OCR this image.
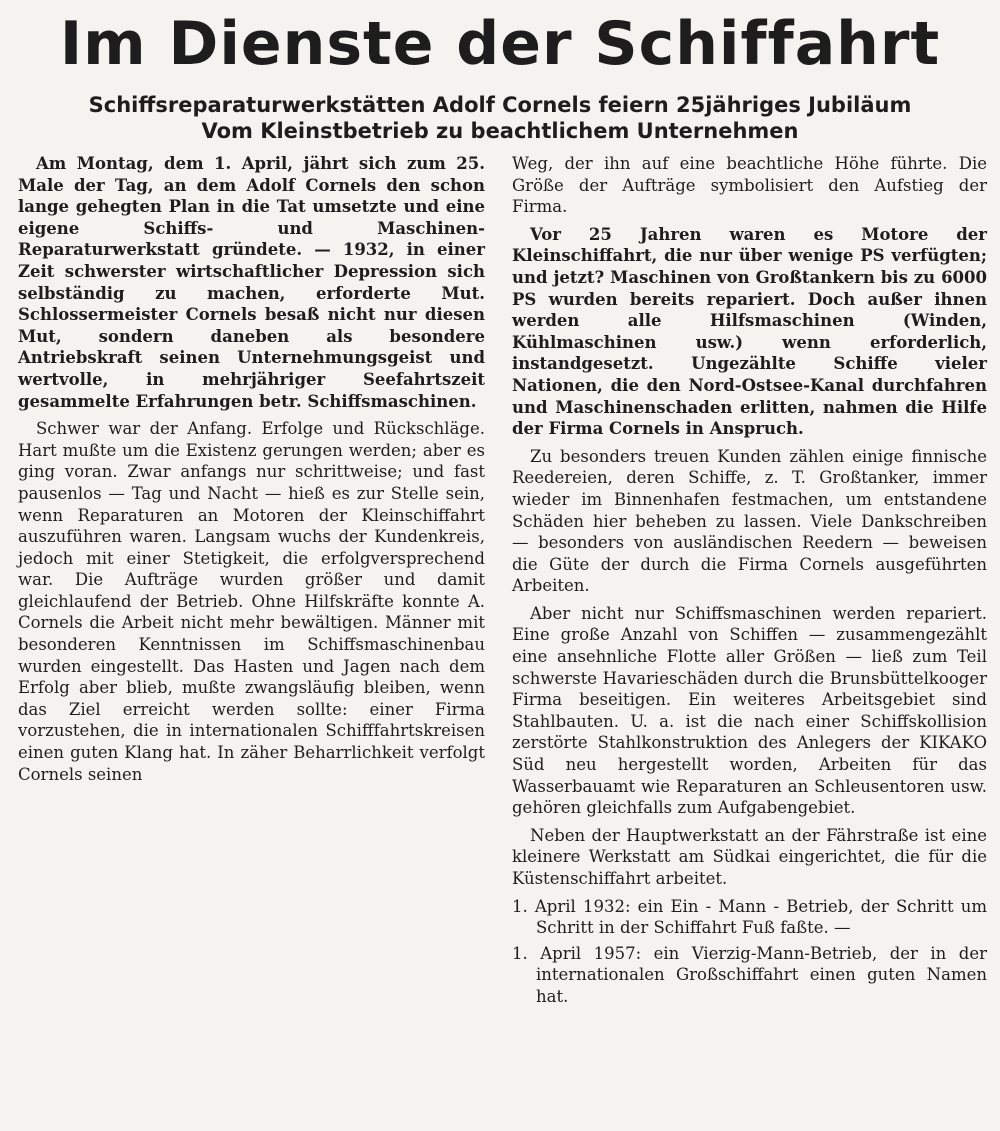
Im Dienste der Schiffahrt
Schiffsreparaturwerkstätten Adolf Cornels feiern 25jähriges Jubiläum
Vom Kleinstbetrieb zu beachtlichem Unternehmen

Am Montag, dem 1. April, jährt sich zum 25. Male der Tag, an dem Adolf Cornels den schon lange gehegten Plan in die Tat umsetzte und eine eigene Schiffs- und Maschinen-Reparaturwerkstatt gründete. — 1932, in einer Zeit schwerster wirtschaftlicher Depression sich selbständig zu machen, erforderte Mut. Schlossermeister Cornels besaß nicht nur diesen Mut, sondern daneben als besondere Antriebskraft seinen Unternehmungsgeist und wertvolle, in mehrjähriger Seefahrtszeit gesammelte Erfahrungen betr. Schiffsmaschinen.

Schwer war der Anfang. Erfolge und Rückschläge. Hart mußte um die Existenz gerungen werden; aber es ging voran. Zwar anfangs nur schrittweise; und fast pausenlos — Tag und Nacht — hieß es zur Stelle sein, wenn Reparaturen an Motoren der Kleinschiffahrt auszuführen waren. Langsam wuchs der Kundenkreis, jedoch mit einer Stetigkeit, die erfolgversprechend war. Die Aufträge wurden größer und damit gleichlaufend der Betrieb. Ohne Hilfskräfte konnte A. Cornels die Arbeit nicht mehr bewältigen. Männer mit besonderen Kenntnissen im Schiffsmaschinenbau wurden eingestellt. Das Hasten und Jagen nach dem Erfolg aber blieb, mußte zwangsläufig bleiben, wenn das Ziel erreicht werden sollte: einer Firma vorzustehen, die in internationalen Schifffahrtskreisen einen guten Klang hat. In zäher Beharrlichkeit verfolgt Cornels seinen

Weg, der ihn auf eine beachtliche Höhe führte. Die Größe der Aufträge symbolisiert den Aufstieg der Firma.

Vor 25 Jahren waren es Motore der Kleinschiffahrt, die nur über wenige PS verfügten; und jetzt? Maschinen von Großtankern bis zu 6000 PS wurden bereits repariert. Doch außer ihnen werden alle Hilfsmaschinen (Winden, Kühlmaschinen usw.) wenn erforderlich, instandgesetzt. Ungezählte Schiffe vieler Nationen, die den Nord-Ostsee-Kanal durchfahren und Maschinenschaden erlitten, nahmen die Hilfe der Firma Cornels in Anspruch.

Zu besonders treuen Kunden zählen einige finnische Reedereien, deren Schiffe, z. T. Großtanker, immer wieder im Binnenhafen festmachen, um entstandene Schäden hier beheben zu lassen. Viele Dankschreiben — besonders von ausländischen Reedern — beweisen die Güte der durch die Firma Cornels ausgeführten Arbeiten.

Aber nicht nur Schiffsmaschinen werden repariert. Eine große Anzahl von Schiffen — zusammengezählt eine ansehnliche Flotte aller Größen — ließ zum Teil schwerste Havarieschäden durch die Brunsbüttelkooger Firma beseitigen. Ein weiteres Arbeitsgebiet sind Stahlbauten. U. a. ist die nach einer Schiffskollision zerstörte Stahlkonstruktion des Anlegers der KIKAKO Süd neu hergestellt worden, Arbeiten für das Wasserbauamt wie Reparaturen an Schleusentoren usw. gehören gleichfalls zum Aufgabengebiet.

Neben der Hauptwerkstatt an der Fährstraße ist eine kleinere Werkstatt am Südkai eingerichtet, die für die Küstenschiffahrt arbeitet.

1. April 1932: ein Ein - Mann - Betrieb, der Schritt um Schritt in der Schiffahrt Fuß faßte. —
1. April 1957: ein Vierzig-Mann-Betrieb, der in der internationalen Großschiffahrt einen guten Namen hat.
